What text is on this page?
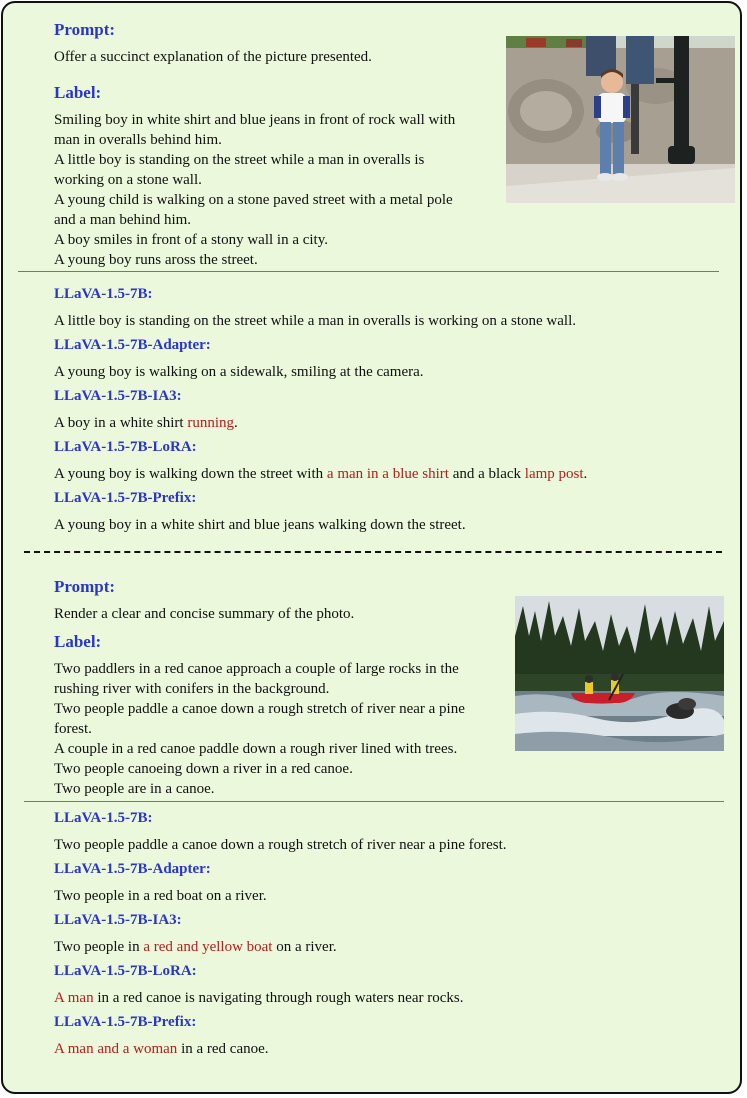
Prompt:
Offer a succinct explanation of the picture presented.
Label:
Smiling boy in white shirt and blue jeans in front of rock wall with
man in overalls behind him.
A little boy is standing on the street while a man in overalls is
working on a stone wall.
A young child is walking on a stone paved street with a metal pole
and a man behind him.
A boy smiles in front of a stony wall in a city.
A young boy runs aross the street.
LLaVA-1.5-7B:
A little boy is standing on the street while a man in overalls is working on a stone wall.
LLaVA-1.5-7B-Adapter:
A young boy is walking on a sidewalk, smiling at the camera.
LLaVA-1.5-7B-IA3:
A boy in a white shirt running.
LLaVA-1.5-7B-LoRA:
A young boy is walking down the street with a man in a blue shirt and a black lamp post.
LLaVA-1.5-7B-Prefix:
A young boy in a white shirt and blue jeans walking down the street.
Prompt:
Render a clear and concise summary of the photo.
Label:
Two paddlers in a red canoe approach a couple of large rocks in the
rushing river with conifers in the background.
Two people paddle a canoe down a rough stretch of river near a pine
forest.
A couple in a red canoe paddle down a rough river lined with trees.
Two people canoeing down a river in a red canoe.
Two people are in a canoe.
LLaVA-1.5-7B:
Two people paddle a canoe down a rough stretch of river near a pine forest.
LLaVA-1.5-7B-Adapter:
Two people in a red boat on a river.
LLaVA-1.5-7B-IA3:
Two people in a red and yellow boat on a river.
LLaVA-1.5-7B-LoRA:
A man in a red canoe is navigating through rough waters near rocks.
LLaVA-1.5-7B-Prefix:
A man and a woman in a red canoe.
